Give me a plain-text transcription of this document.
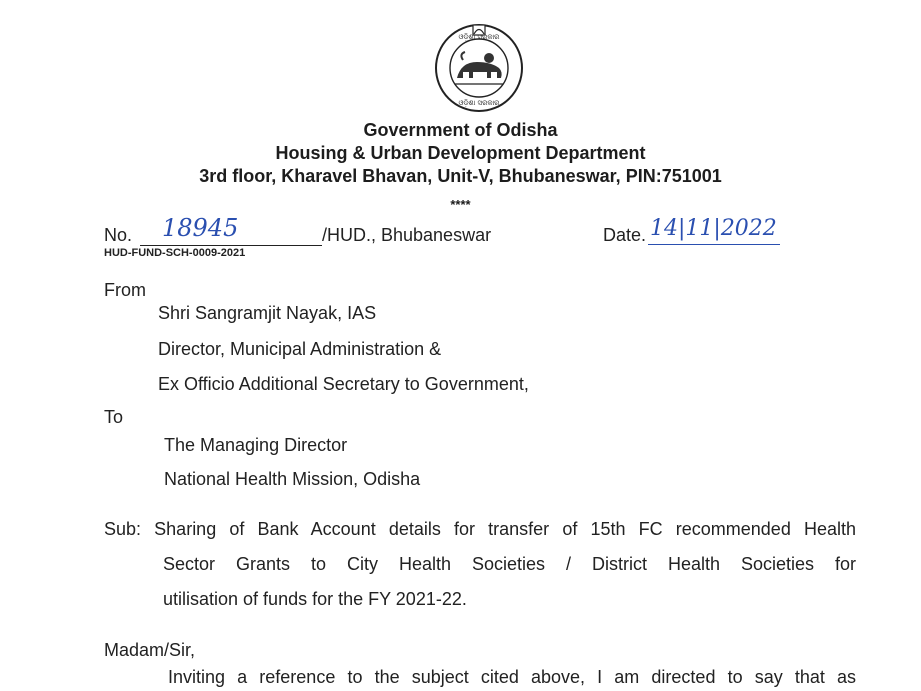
ଓଡ଼ିଶା ସରକାର
ଓଡ଼ିଶା ସରକାର
Government of Odisha
Housing & Urban Development Department
3rd floor, Kharavel Bhavan, Unit-V, Bhubaneswar, PIN:751001
****
No. 18945	/HUD., Bhubaneswar
HUD-FUND-SCH-0009-2021
Date. 14|11|2022
From
Shri Sangramjit Nayak, IAS
Director, Municipal Administration &
Ex Officio Additional Secretary to Government,
To
The Managing Director
National Health Mission, Odisha
Sub: Sharing of Bank Account details for transfer of 15th FC recommended Health
Sector Grants to City Health Societies / District Health Societies for
utilisation of funds for the FY 2021-22.
Madam/Sir,
Inviting a reference to the subject cited above, I am directed to say that as
